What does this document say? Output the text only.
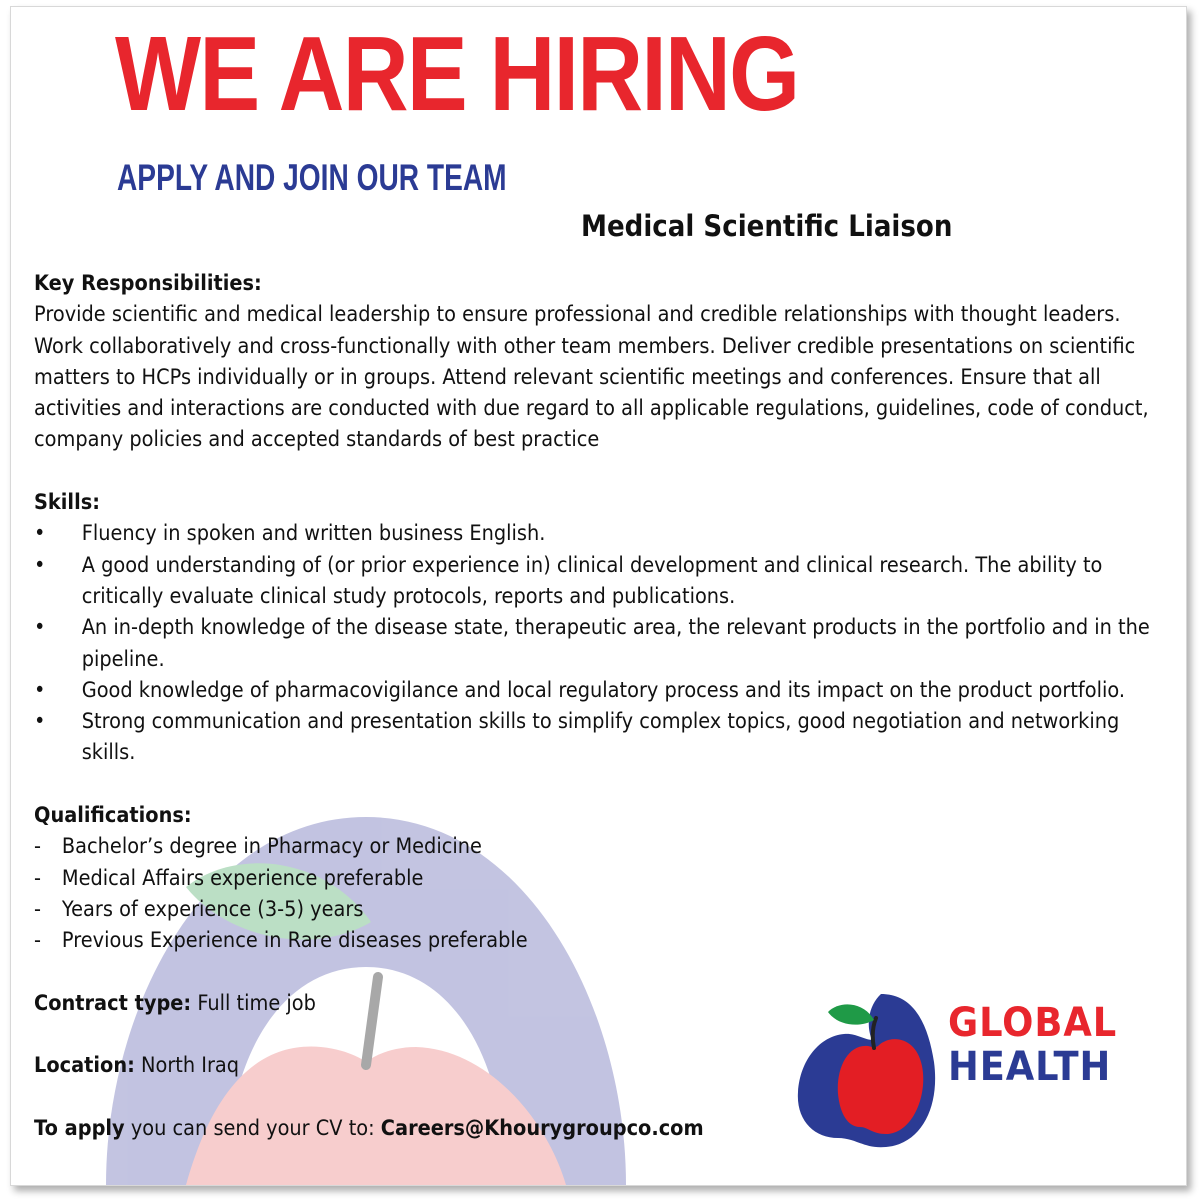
WE ARE HIRING
APPLY AND JOIN OUR TEAM
Medical Scientific Liaison
Key Responsibilities:
Provide scientific and medical leadership to ensure professional and credible relationships with thought leaders. Work collaboratively and cross-functionally with other team members. Deliver credible presentations on scientific matters to HCPs individually or in groups. Attend relevant scientific meetings and conferences. Ensure that all activities and interactions are conducted with due regard to all applicable regulations, guidelines, code of conduct, company policies and accepted standards of best practice
Skills:
• Fluency in spoken and written business English.
• A good understanding of (or prior experience in) clinical development and clinical research. The ability to critically evaluate clinical study protocols, reports and publications.
• An in-depth knowledge of the disease state, therapeutic area, the relevant products in the portfolio and in the pipeline.
• Good knowledge of pharmacovigilance and local regulatory process and its impact on the product portfolio.
• Strong communication and presentation skills to simplify complex topics, good negotiation and networking skills.
Qualifications:
- Bachelor’s degree in Pharmacy or Medicine
- Medical Affairs experience preferable
- Years of experience (3-5) years
- Previous Experience in Rare diseases preferable
Contract type: Full time job
Location: North Iraq
To apply you can send your CV to: Careers@Khourygroupco.com
GLOBAL
HEALTH
